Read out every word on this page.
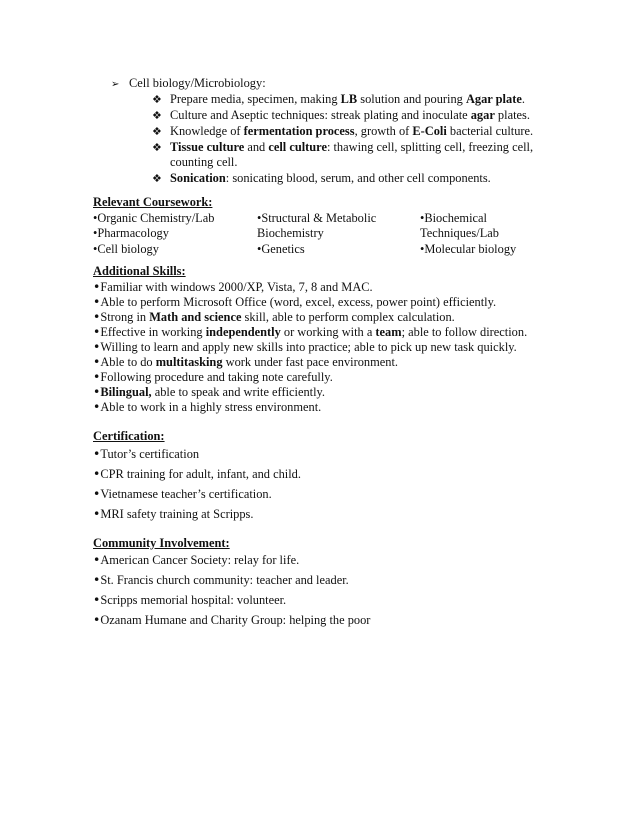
➢ Cell biology/Microbiology:
❖ Prepare media, specimen, making LB solution and pouring Agar plate.
❖ Culture and Aseptic techniques: streak plating and inoculate agar plates.
❖ Knowledge of fermentation process, growth of E-Coli bacterial culture.
❖ Tissue culture and cell culture: thawing cell, splitting cell, freezing cell,
counting cell.
❖ Sonication: sonicating blood, serum, and other cell components.
Relevant Coursework:
•Organic Chemistry/Lab
•Pharmacology
•Cell biology
•Structural & Metabolic
Biochemistry
•Genetics
•Biochemical
Techniques/Lab
•Molecular biology
Additional Skills:
•Familiar with windows 2000/XP, Vista, 7, 8 and MAC.
•Able to perform Microsoft Office (word, excel, excess, power point) efficiently.
•Strong in Math and science skill, able to perform complex calculation.
•Effective in working independently or working with a team; able to follow direction.
•Willing to learn and apply new skills into practice; able to pick up new task quickly.
•Able to do multitasking work under fast pace environment.
•Following procedure and taking note carefully.
•Bilingual, able to speak and write efficiently.
•Able to work in a highly stress environment.
Certification:
•Tutor’s certification
•CPR training for adult, infant, and child.
•Vietnamese teacher’s certification.
•MRI safety training at Scripps.
Community Involvement:
•American Cancer Society: relay for life.
•St. Francis church community: teacher and leader.
•Scripps memorial hospital: volunteer.
•Ozanam Humane and Charity Group: helping the poor
